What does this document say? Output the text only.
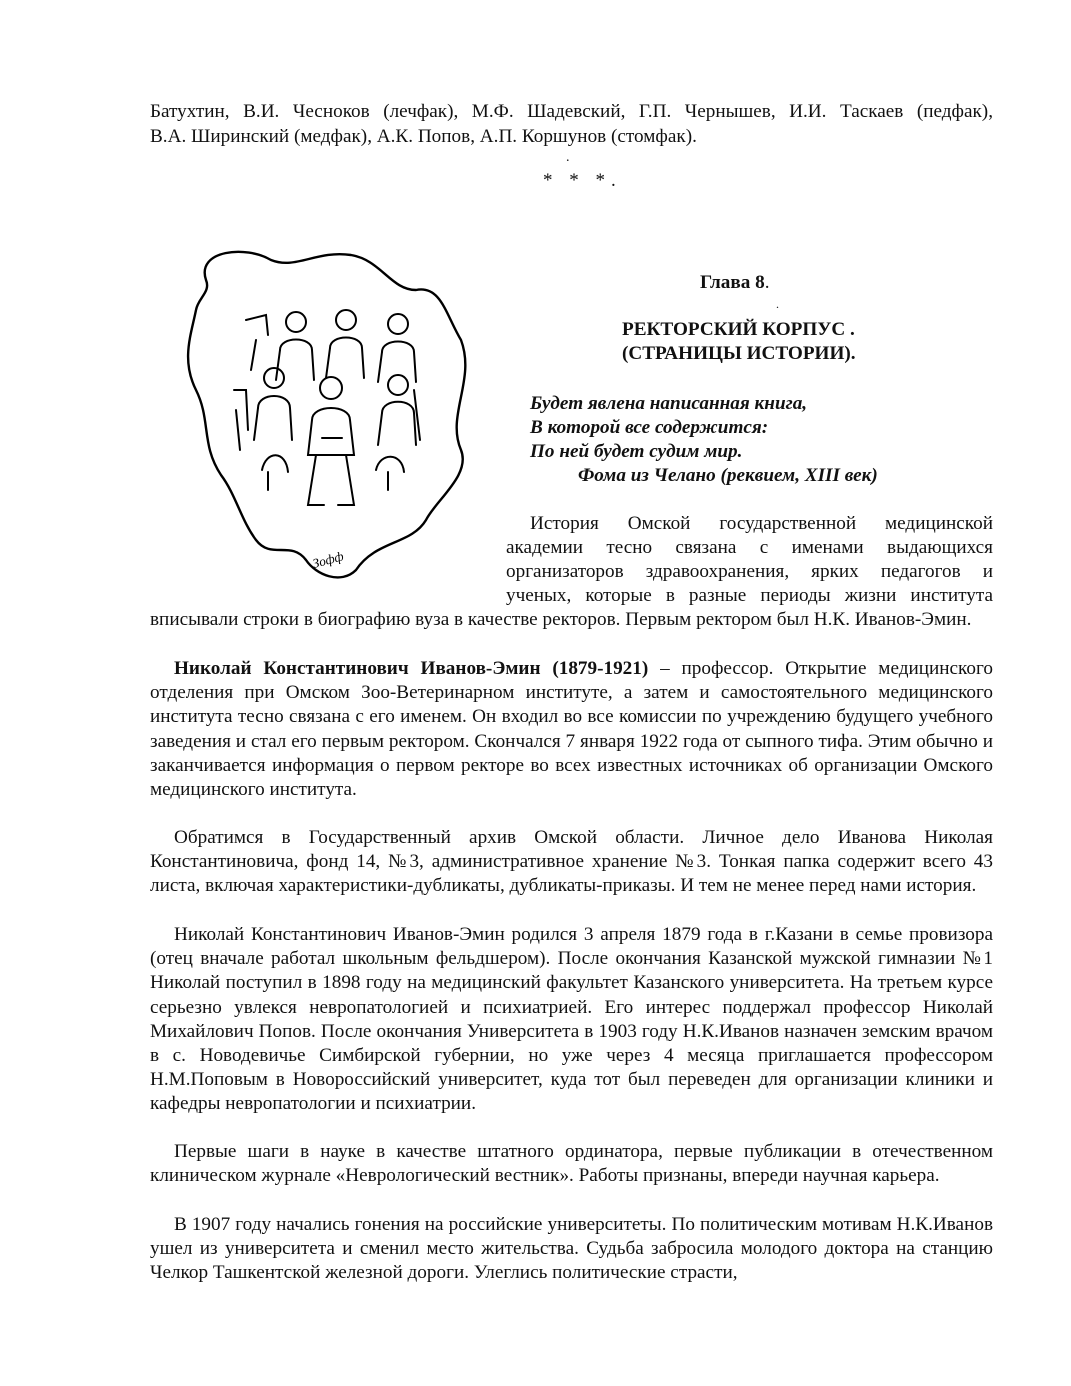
Батухтин, В.И. Чесноков (лечфак), М.Ф. Шадевский, Г.П. Чернышев, И.И. Таскаев (педфак),
В.А. Ширинский (медфак), А.К. Попов, А.П. Коршунов (стомфак).
.
* * *.
Зофф
Глава 8.
.
РЕКТОРСКИЙ КОРПУС .
(СТРАНИЦЫ ИСТОРИИ).
Будет явлена написанная книга,
В которой все содержится:
По ней будет судим мир.
Фома из Челано (реквием, XIII век)
История Омской государственной медицинской
академии тесно связана с именами выдающихся
организаторов здравоохранения, ярких педагогов и
ученых, которые в разные периоды жизни института
вписывали строки в биографию вуза в качестве ректоров. Первым ректором был Н.К. Иванов-Эмин.
Николай Константинович Иванов-Эмин (1879-1921) – профессор. Открытие медицинского отделения при Омском Зоо-Ветеринарном институте, а затем и самостоятельного медицинского института тесно связана с его именем. Он входил во все комиссии по учреждению будущего учебного заведения и стал его первым ректором. Скончался 7 января 1922 года от сыпного тифа. Этим обычно и заканчивается информация о первом ректоре во всех известных источниках об организации Омского медицинского института.
Обратимся в Государственный архив Омской области. Личное дело Иванова Николая Константиновича, фонд 14, №3, административное хранение №3. Тонкая папка содержит всего 43 листа, включая характеристики-дубликаты, дубликаты-приказы. И тем не менее перед нами история.
Николай Константинович Иванов-Эмин родился 3 апреля 1879 года в г.Казани в семье провизора (отец вначале работал школьным фельдшером). После окончания Казанской мужской гимназии №1 Николай поступил в 1898 году на медицинский факультет Казанского университета. На третьем курсе серьезно увлекся невропатологией и психиатрией. Его интерес поддержал профессор Николай Михайлович Попов. После окончания Университета в 1903 году Н.К.Иванов назначен земским врачом в с. Новодевичье Симбирской губернии, но уже через 4 месяца приглашается профессором Н.М.Поповым в Новороссийский университет, куда тот был переведен для организации клиники и кафедры невропатологии и психиатрии.
Первые шаги в науке в качестве штатного ординатора, первые публикации в отечественном клиническом журнале «Неврологический вестник». Работы признаны, впереди научная карьера.
В 1907 году начались гонения на российские университеты. По политическим мотивам Н.К.Иванов ушел из университета и сменил место жительства. Судьба забросила молодого доктора на станцию Челкор Ташкентской железной дороги. Улеглись политические страсти,
